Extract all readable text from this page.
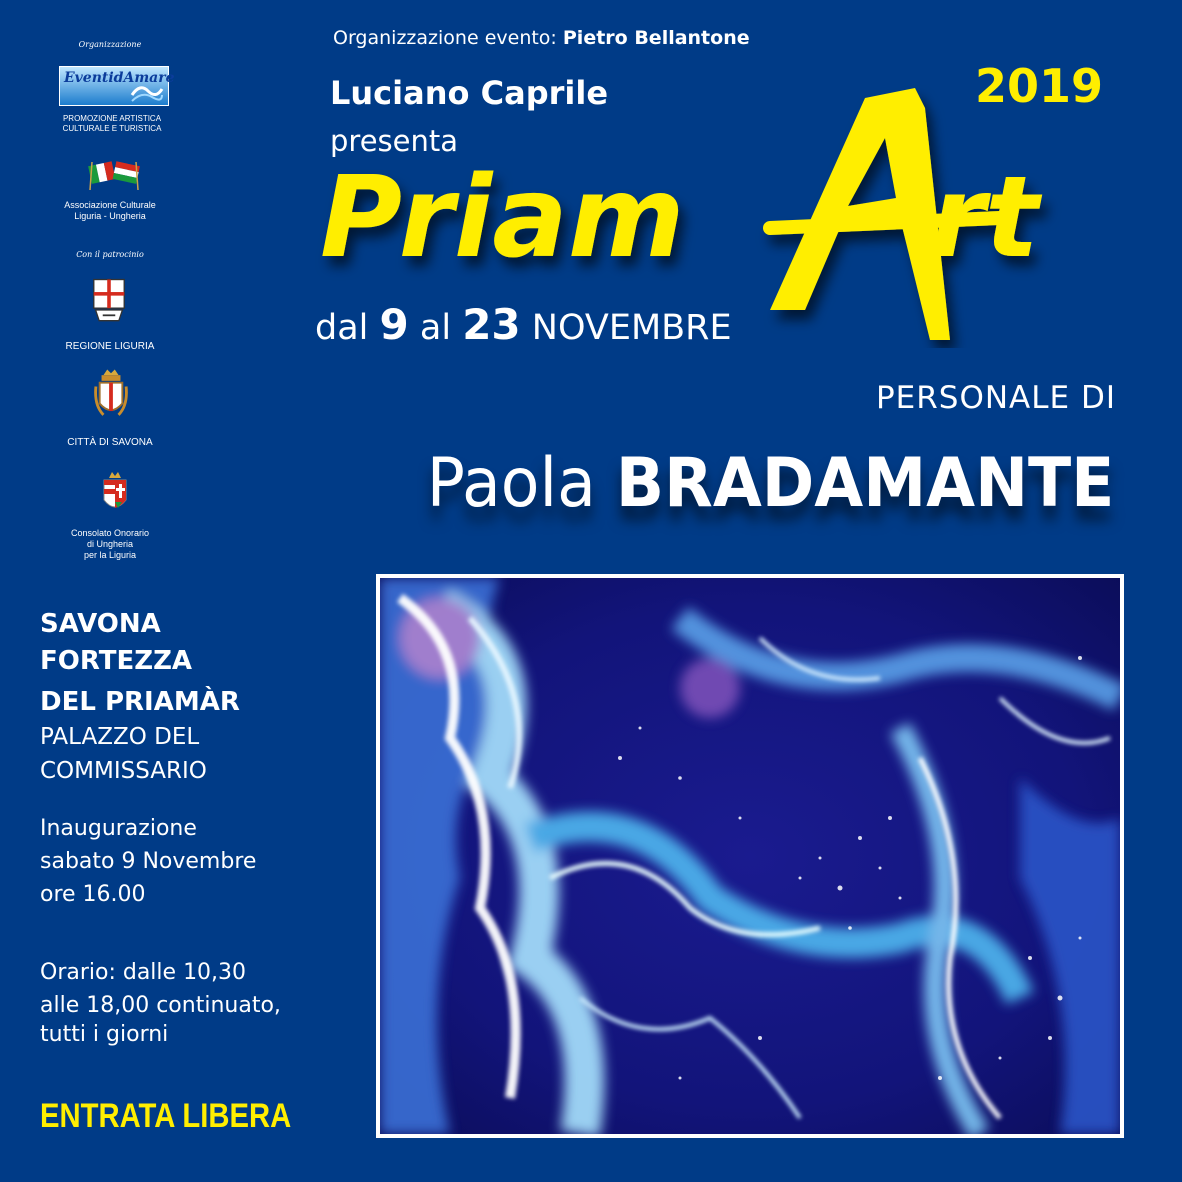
Organizzazione
EventidAmare
PROMOZIONE ARTISTICA CULTURALE E TURISTICA
Associazione Culturale
Liguria - Ungheria
Con il patrocinio
REGIONE LIGURIA
CITTÀ DI SAVONA
Consolato Onorario
di Ungheria
per la Liguria
SAVONA
FORTEZZA
DEL PRIAMÀR
PALAZZO DEL
COMMISSARIO
Inaugurazione
sabato 9 Novembre
ore 16.00
Orario: dalle 10,30
alle 18,00 continuato,
tutti i giorni
ENTRATA LIBERA
Organizzazione evento: Pietro Bellantone
Luciano Caprile
presenta
2019
Priam rt
dal 9 al 23 NOVEMBRE
PERSONALE DI
Paola BRADAMANTE
